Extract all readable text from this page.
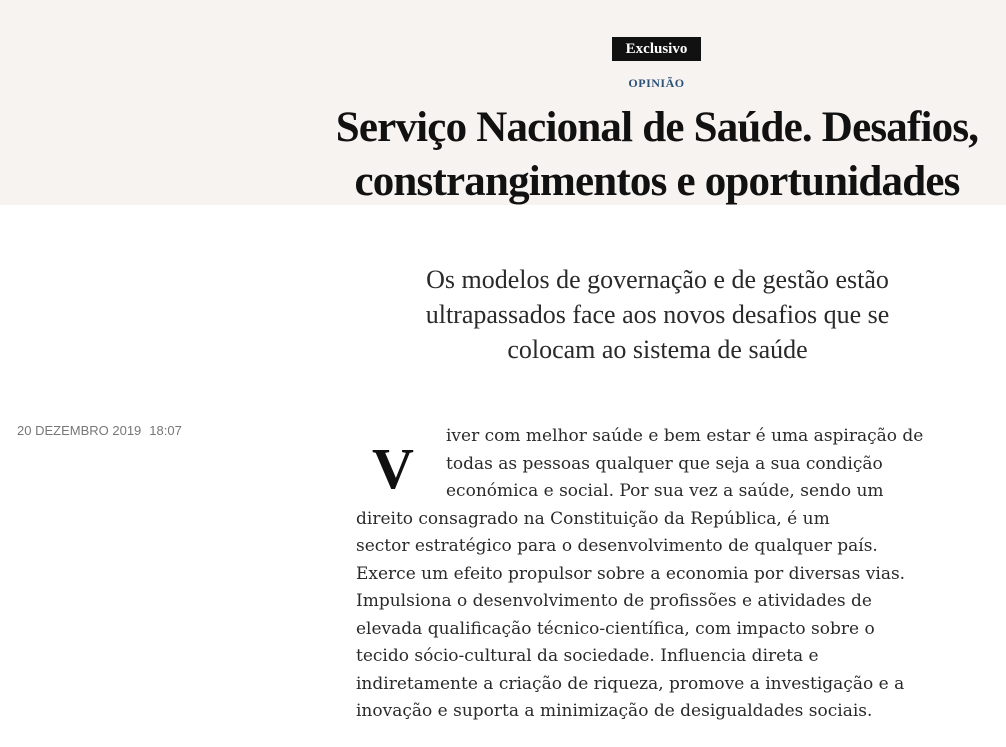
Exclusivo
OPINIÃO
Serviço Nacional de Saúde. Desafios,
constrangimentos e oportunidades

Os modelos de governação e de gestão estão
ultrapassados face aos novos desafios que se
colocam ao sistema de saúde

20 DEZEMBRO 2019 18:07
V	iver com melhor saúde e bem estar é uma aspiração de
todas as pessoas qualquer que seja a sua condição
económica e social. Por sua vez a saúde, sendo um
direito consagrado na Constituição da República, é um
sector estratégico para o desenvolvimento de qualquer país.
Exerce um efeito propulsor sobre a economia por diversas vias.
Impulsiona o desenvolvimento de profissões e atividades de
elevada qualificação técnico-científica, com impacto sobre o
tecido sócio-cultural da sociedade. Influencia direta e
indiretamente a criação de riqueza, promove a investigação e a
inovação e suporta a minimização de desigualdades sociais.
